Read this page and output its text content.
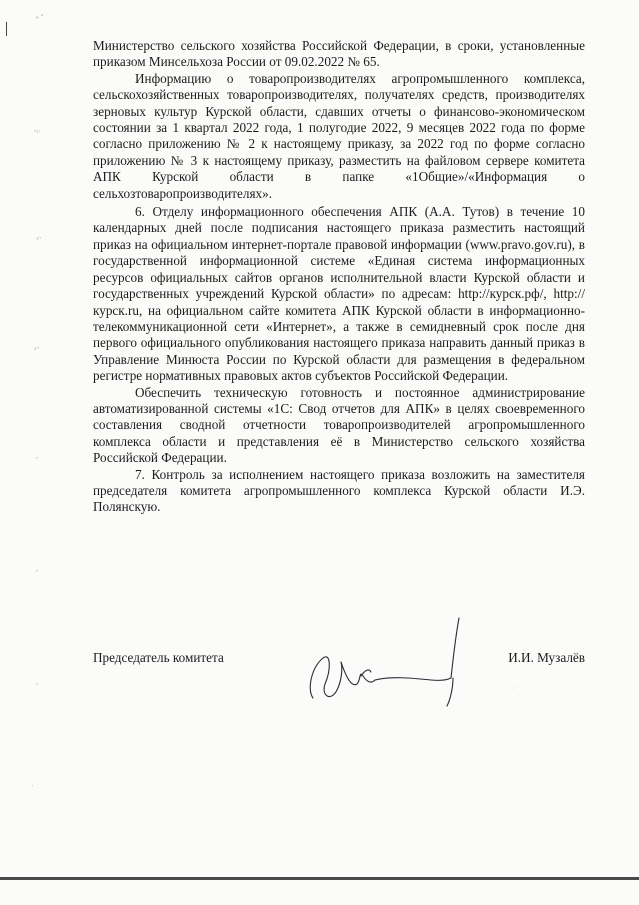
• ꜜ
ʺ¹ʹ
ˑ¹ʹʹ
¹ʹʹ
ˑʹʹ
ˑʹʹ
ˑʹʹ
ˑʹ
· ˑ ˑ

Министерство сельского хозяйства Российской Федерации, в сроки, установленные приказом Минсельхоза России от 09.02.2022 № 65.

Информацию о товаропроизводителях агропромышленного комплекса, сельскохозяйственных товаропроизводителях, получателях средств, производителях зерновых культур Курской области, сдавших отчеты о финансово-экономическом состоянии за 1 квартал 2022 года, 1 полугодие 2022, 9 месяцев 2022 года по форме согласно приложению № 2 к настоящему приказу, за 2022 год по форме согласно приложению № 3 к настоящему приказу, разместить на файловом сервере комитета АПК Курской области в папке «1Общие»/«Информация о сельхозтоваропроизводителях».

6. Отделу информационного обеспечения АПК (А.А. Тутов) в течение 10 календарных дней после подписания настоящего приказа разместить настоящий приказ на официальном интернет-портале правовой информации (www.pravo.gov.ru), в государственной информационной системе «Единая система информационных ресурсов официальных сайтов органов исполнительной власти Курской области и государственных учреждений Курской области» по адресам: http://курск.рф/, http://курск.ru, на официальном сайте комитета АПК Курской области в информационно-телекоммуникационной сети «Интернет», а также в семидневный срок после дня первого официального опубликования настоящего приказа направить данный приказ в Управление Минюста России по Курской области для размещения в федеральном регистре нормативных правовых актов субъектов Российской Федерации.

Обеспечить техническую готовность и постоянное администрирование автоматизированной системы «1С: Свод отчетов для АПК» в целях своевременного составления сводной отчетности товаропроизводителей агропромышленного комплекса области и представления её в Министерство сельского хозяйства Российской Федерации.

7. Контроль за исполнением настоящего приказа возложить на заместителя председателя комитета агропромышленного комплекса Курской области И.Э. Полянскую.

Председатель комитета	И.И. Музалёв
